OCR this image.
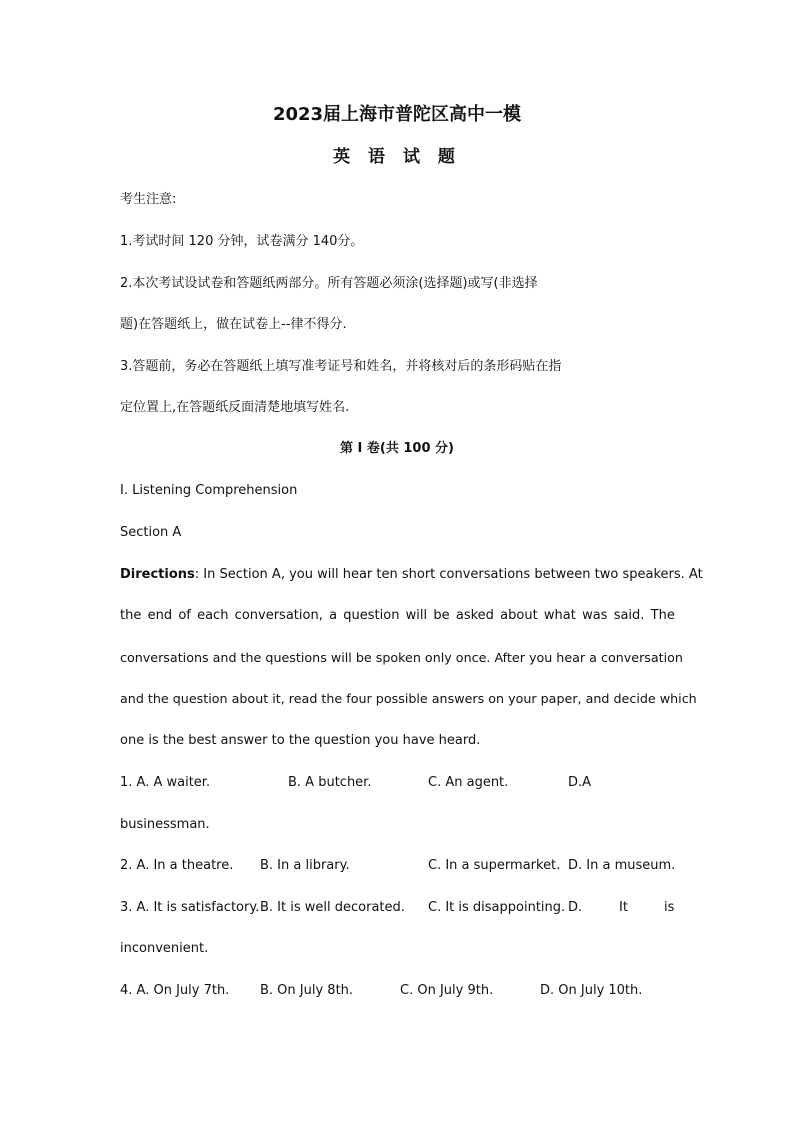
2023届上海市普陀区高中一模
英 语 试 题
考生注意:
1.考试时间 120 分钟，试卷满分 140分。
2.本次考试设试卷和答题纸两部分。所有答题必须涂(选择题)或写(非选择
题)在答题纸上，做在试卷上--律不得分.
3.答题前，务必在答题纸上填写准考证号和姓名，并将核对后的条形码贴在指
定位置上,在答题纸反面清楚地填写姓名.
第 I 卷(共 100 分)
I. Listening Comprehension
Section A
Directions: In Section A, you will hear ten short conversations between two speakers. At
the end of each conversation, a question will be asked about what was said. The
conversations and the questions will be spoken only once. After you hear a conversation
and the question about it, read the four possible answers on your paper, and decide which
one is the best answer to the question you have heard.
1. A. A waiter.	B. A butcher.	C. An agent.	D.A
businessman.
2. A. In a theatre. B. In a library.	C. In a supermarket. D. In a museum.
3. A. It is satisfactory. B. It is well decorated. C. It is disappointing. D.	It	is
inconvenient.
4. A. On July 7th. B. On July 8th.	C. On July 9th.	D. On July 10th.
